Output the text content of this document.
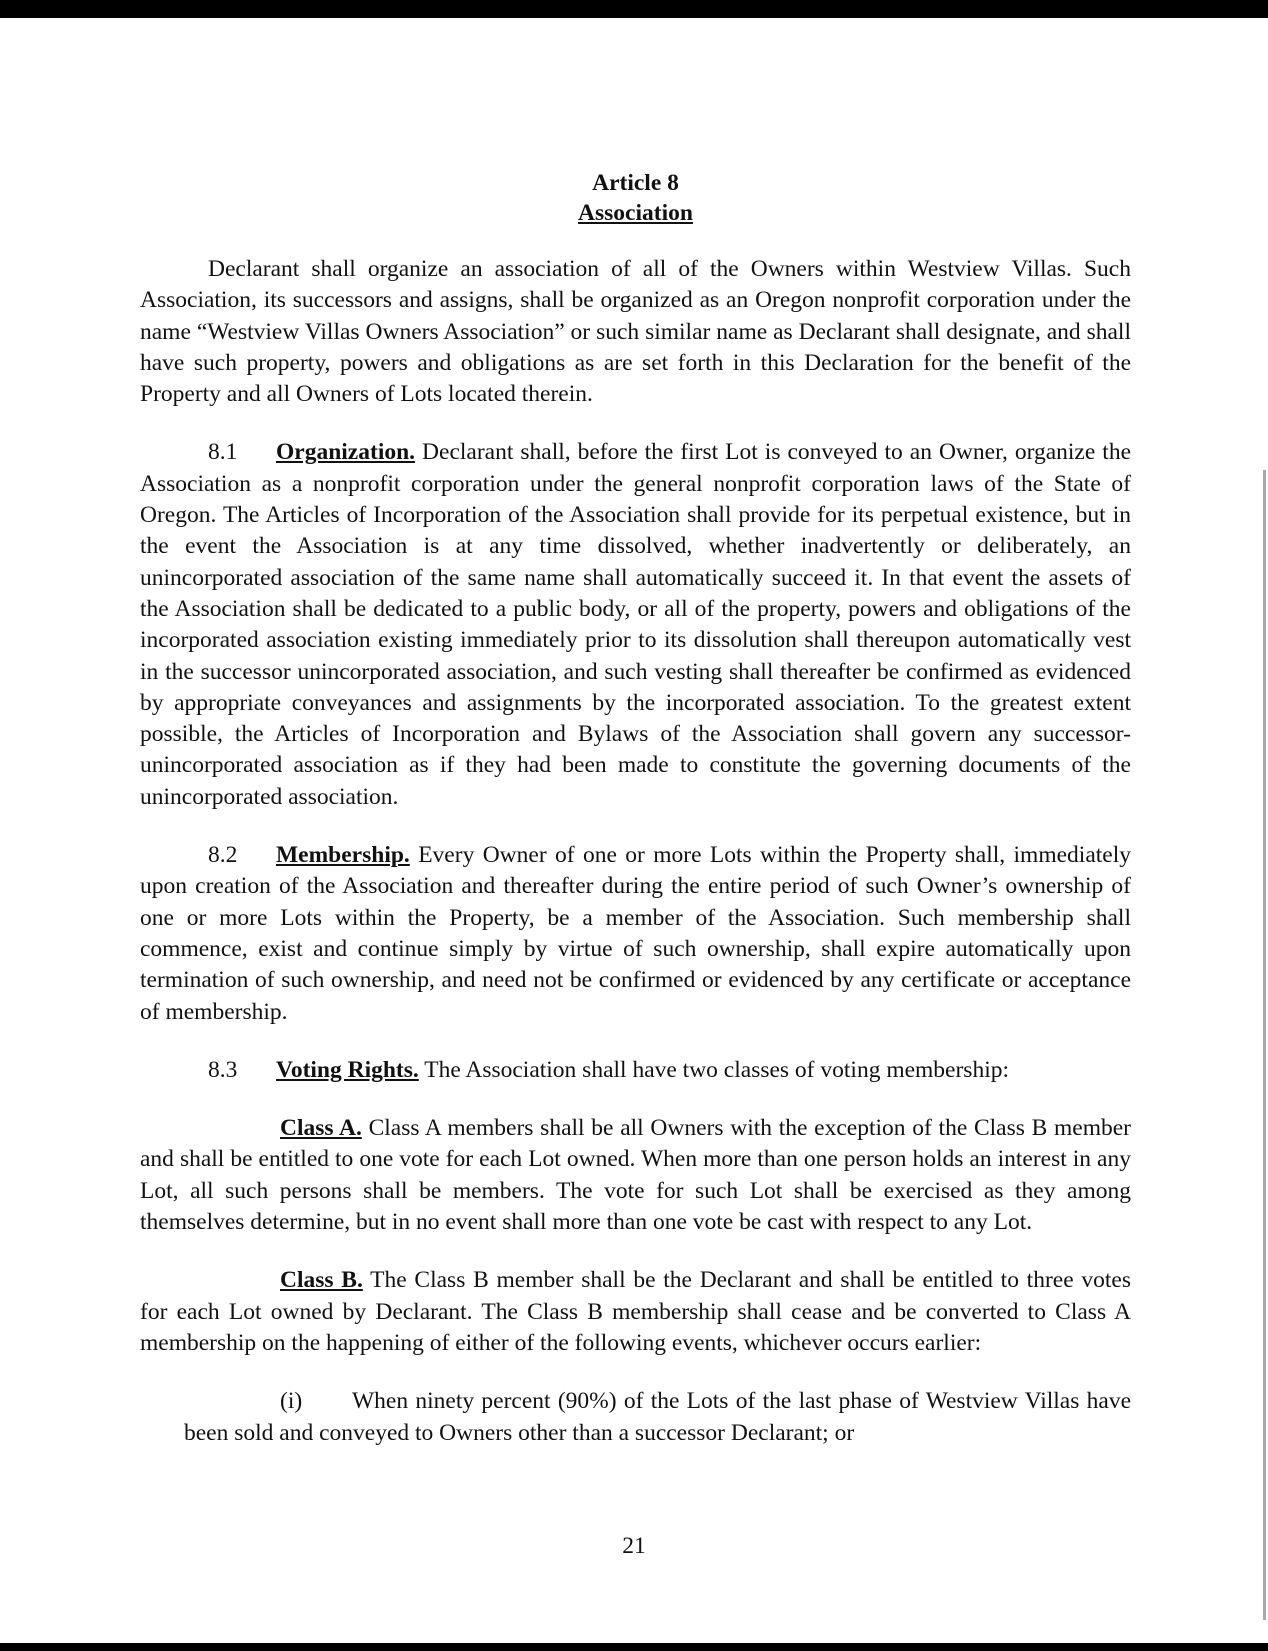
Article 8

Association

Declarant shall organize an association of all of the Owners within Westview Villas. Such Association, its successors and assigns, shall be organized as an Oregon nonprofit corporation under the name “Westview Villas Owners Association” or such similar name as Declarant shall designate, and shall have such property, powers and obligations as are set forth in this Declaration for the benefit of the Property and all Owners of Lots located therein.

8.1 Organization. Declarant shall, before the first Lot is conveyed to an Owner, organize the Association as a nonprofit corporation under the general nonprofit corporation laws of the State of Oregon. The Articles of Incorporation of the Association shall provide for its perpetual existence, but in the event the Association is at any time dissolved, whether inadvertently or deliberately, an unincorporated association of the same name shall automatically succeed it. In that event the assets of the Association shall be dedicated to a public body, or all of the property, powers and obligations of the incorporated association existing immediately prior to its dissolution shall thereupon automatically vest in the successor unincorporated association, and such vesting shall thereafter be confirmed as evidenced by appropriate conveyances and assignments by the incorporated association. To the greatest extent possible, the Articles of Incorporation and Bylaws of the Association shall govern any successor-unincorporated association as if they had been made to constitute the governing documents of the unincorporated association.

8.2 Membership. Every Owner of one or more Lots within the Property shall, immediately upon creation of the Association and thereafter during the entire period of such Owner’s ownership of one or more Lots within the Property, be a member of the Association. Such membership shall commence, exist and continue simply by virtue of such ownership, shall expire automatically upon termination of such ownership, and need not be confirmed or evidenced by any certificate or acceptance of membership.

8.3 Voting Rights. The Association shall have two classes of voting membership:

Class A. Class A members shall be all Owners with the exception of the Class B member and shall be entitled to one vote for each Lot owned. When more than one person holds an interest in any Lot, all such persons shall be members. The vote for such Lot shall be exercised as they among themselves determine, but in no event shall more than one vote be cast with respect to any Lot.

Class B. The Class B member shall be the Declarant and shall be entitled to three votes for each Lot owned by Declarant. The Class B membership shall cease and be converted to Class A membership on the happening of either of the following events, whichever occurs earlier:

(i) When ninety percent (90%) of the Lots of the last phase of Westview Villas have been sold and conveyed to Owners other than a successor Declarant; or

21
